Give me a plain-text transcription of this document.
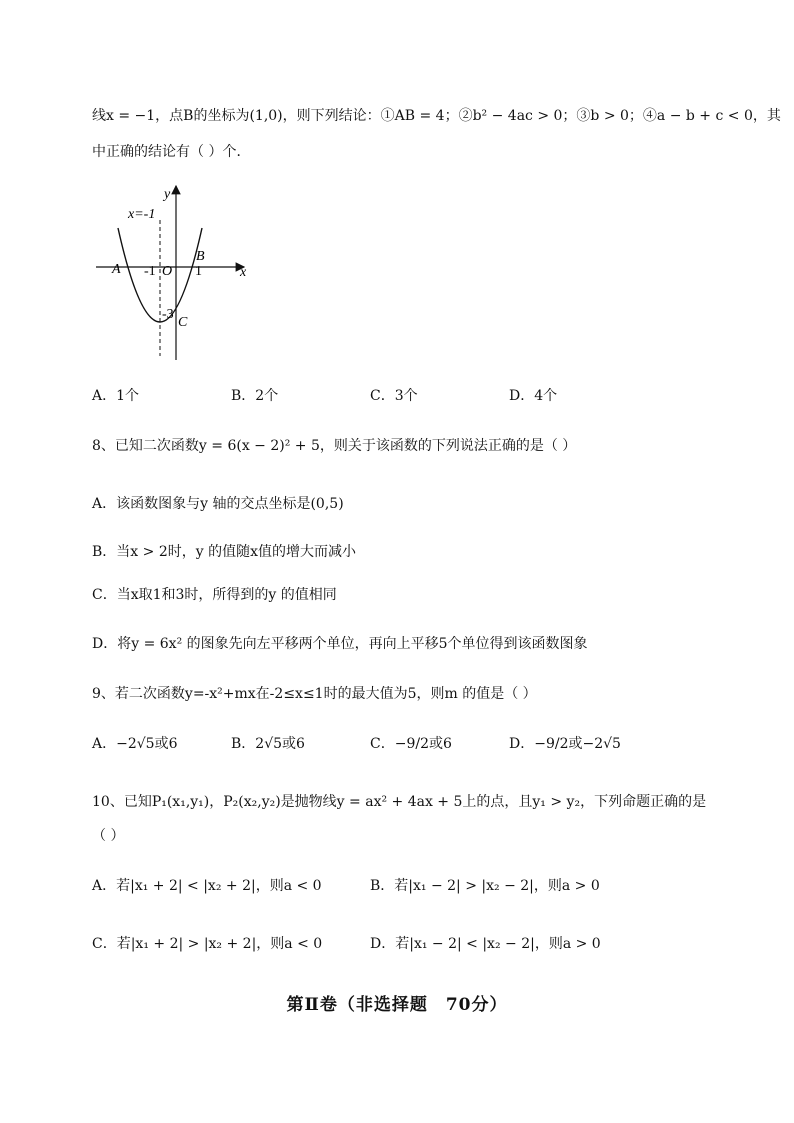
线x = −1，点B的坐标为(1,0)，则下列结论：①AB = 4；②b² − 4ac > 0；③b > 0；④a − b + c < 0，其
中正确的结论有（ ）个．
y
x
x=-1
A
B
C
O
-1	1
-3
A．1个	B．2个	C．3个	D．4个
8、已知二次函数y = 6(x − 2)² + 5，则关于该函数的下列说法正确的是（ ）
A．该函数图象与y 轴的交点坐标是(0,5)
B．当x > 2时，y 的值随x值的增大而减小
C．当x取1和3时，所得到的y 的值相同
D．将y = 6x² 的图象先向左平移两个单位，再向上平移5个单位得到该函数图象
9、若二次函数y=-x²+mx在-2≤x≤1时的最大值为5，则m 的值是（ ）
A．−2√5或6	B．2√5或6	C．−9/2或6	D．−9/2或−2√5
10、已知P₁(x₁,y₁)，P₂(x₂,y₂)是抛物线y = ax² + 4ax + 5上的点，且y₁ > y₂，下列命题正确的是
（ ）
A．若|x₁ + 2| < |x₂ + 2|，则a < 0	B．若|x₁ − 2| > |x₂ − 2|，则a > 0
C．若|x₁ + 2| > |x₂ + 2|，则a < 0	D．若|x₁ − 2| < |x₂ − 2|，则a > 0
第Ⅱ卷（非选择题　70分）
